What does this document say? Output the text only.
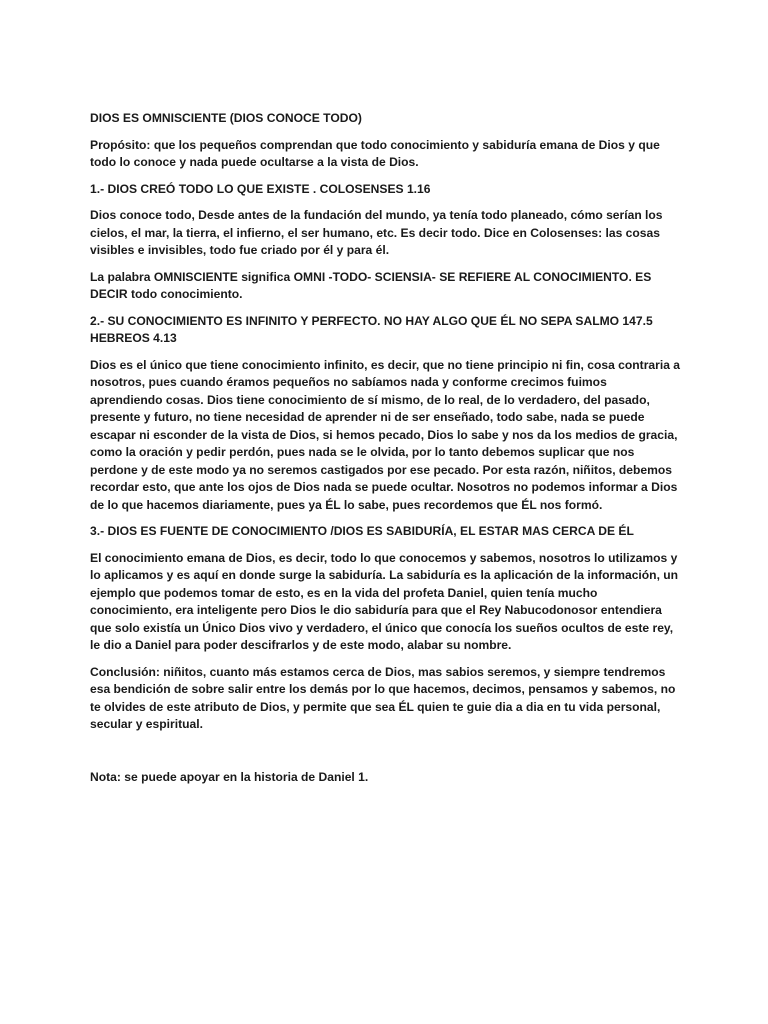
DIOS ES OMNISCIENTE (DIOS CONOCE TODO)

Propósito: que los pequeños comprendan que todo conocimiento y sabiduría emana de Dios y que todo lo conoce y nada puede ocultarse a la vista de Dios.

1.- DIOS CREÓ TODO LO QUE EXISTE . COLOSENSES 1.16

Dios conoce todo, Desde antes de la fundación del mundo, ya tenía todo planeado, cómo serían los cielos, el mar, la tierra, el infierno, el ser humano, etc. Es decir todo. Dice en Colosenses: las cosas visibles e invisibles, todo fue criado por él y para él.

La palabra OMNISCIENTE significa OMNI -TODO- SCIENSIA- SE REFIERE AL CONOCIMIENTO. ES DECIR todo conocimiento.

2.- SU CONOCIMIENTO ES INFINITO Y PERFECTO. NO HAY ALGO QUE ÉL NO SEPA SALMO 147.5 HEBREOS 4.13

Dios es el único que tiene conocimiento infinito, es decir, que no tiene principio ni fin, cosa contraria a nosotros, pues cuando éramos pequeños no sabíamos nada y conforme crecimos fuimos aprendiendo cosas. Dios tiene conocimiento de sí mismo, de lo real, de lo verdadero, del pasado, presente y futuro, no tiene necesidad de aprender ni de ser enseñado, todo sabe, nada se puede escapar ni esconder de la vista de Dios, si hemos pecado, Dios lo sabe y nos da los medios de gracia, como la oración y pedir perdón, pues nada se le olvida, por lo tanto debemos suplicar que nos perdone y de este modo ya no seremos castigados por ese pecado. Por esta razón, niñitos, debemos recordar esto, que ante los ojos de Dios nada se puede ocultar. Nosotros no podemos informar a Dios de lo que hacemos diariamente, pues ya ÉL lo sabe, pues recordemos que ÉL nos formó.

3.- DIOS ES FUENTE DE CONOCIMIENTO /DIOS ES SABIDURÍA, EL ESTAR MAS CERCA DE ÉL

El conocimiento emana de Dios, es decir, todo lo que conocemos y sabemos, nosotros lo utilizamos y lo aplicamos y es aquí en donde surge la sabiduría. La sabiduría es la aplicación de la información, un ejemplo que podemos tomar de esto, es en la vida del profeta Daniel, quien tenía mucho conocimiento, era inteligente pero Dios le dio sabiduría para que el Rey Nabucodonosor entendiera que solo existía un Único Dios vivo y verdadero, el único que conocía los sueños ocultos de este rey, le dio a Daniel para poder descifrarlos y de este modo, alabar su nombre.

Conclusión: niñitos, cuanto más estamos cerca de Dios, mas sabios seremos, y siempre tendremos esa bendición de sobre salir entre los demás por lo que hacemos, decimos, pensamos y sabemos, no te olvides de este atributo de Dios, y permite que sea ÉL quien te guie dia a dia en tu vida personal, secular y espiritual.

Nota: se puede apoyar en la historia de Daniel 1.
